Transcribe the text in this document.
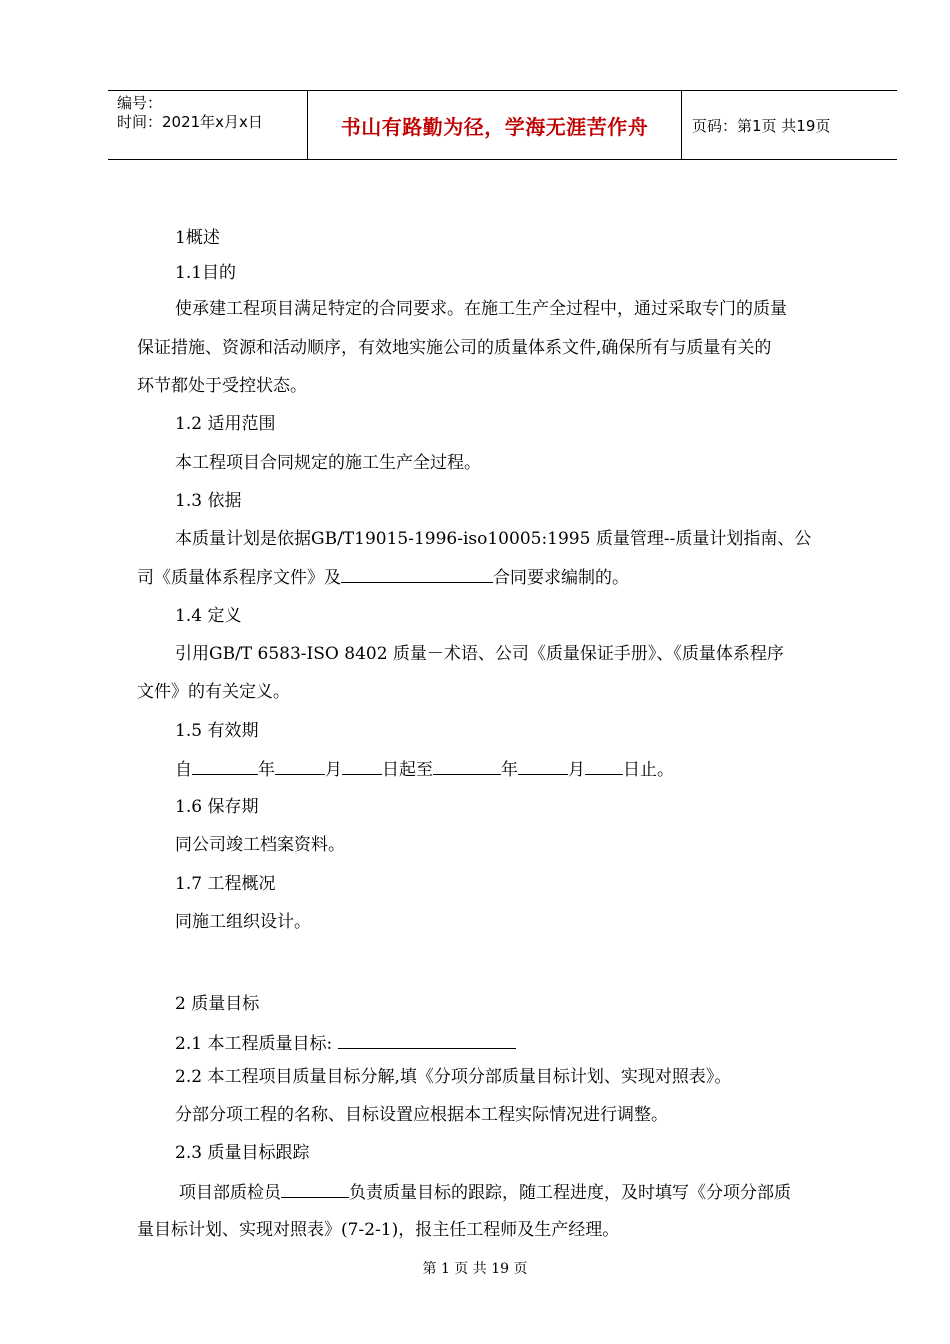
编号：
时间：2021年x月x日	书山有路勤为径，学海无涯苦作舟	页码：第1页 共19页
1概述
1.1目的
使承建工程项目满足特定的合同要求。在施工生产全过程中，通过采取专门的质量
保证措施、资源和活动顺序，有效地实施公司的质量体系文件,确保所有与质量有关的
环节都处于受控状态。
1.2 适用范围
本工程项目合同规定的施工生产全过程。
1.3 依据
本质量计划是依据GB/T19015-1996-iso10005:1995 质量管理--质量计划指南、公
司《质量体系程序文件》及	合同要求编制的。
1.4 定义
引用GB/T 6583-ISO 8402 质量－术语、公司《质量保证手册》、《质量体系程序
文件》的有关定义。
1.5 有效期
自	年	月 日起至	年	月 日止。
1.6 保存期
同公司竣工档案资料。
1.7 工程概况
同施工组织设计。
2 质量目标
2.1 本工程质量目标:
2.2 本工程项目质量目标分解,填《分项分部质量目标计划、实现对照表》。
分部分项工程的名称、目标设置应根据本工程实际情况进行调整。
2.3 质量目标跟踪
项目部质检员	负责质量目标的跟踪，随工程进度，及时填写《分项分部质
量目标计划、实现对照表》(7-2-1)，报主任工程师及生产经理。
第 1 页 共 19 页
